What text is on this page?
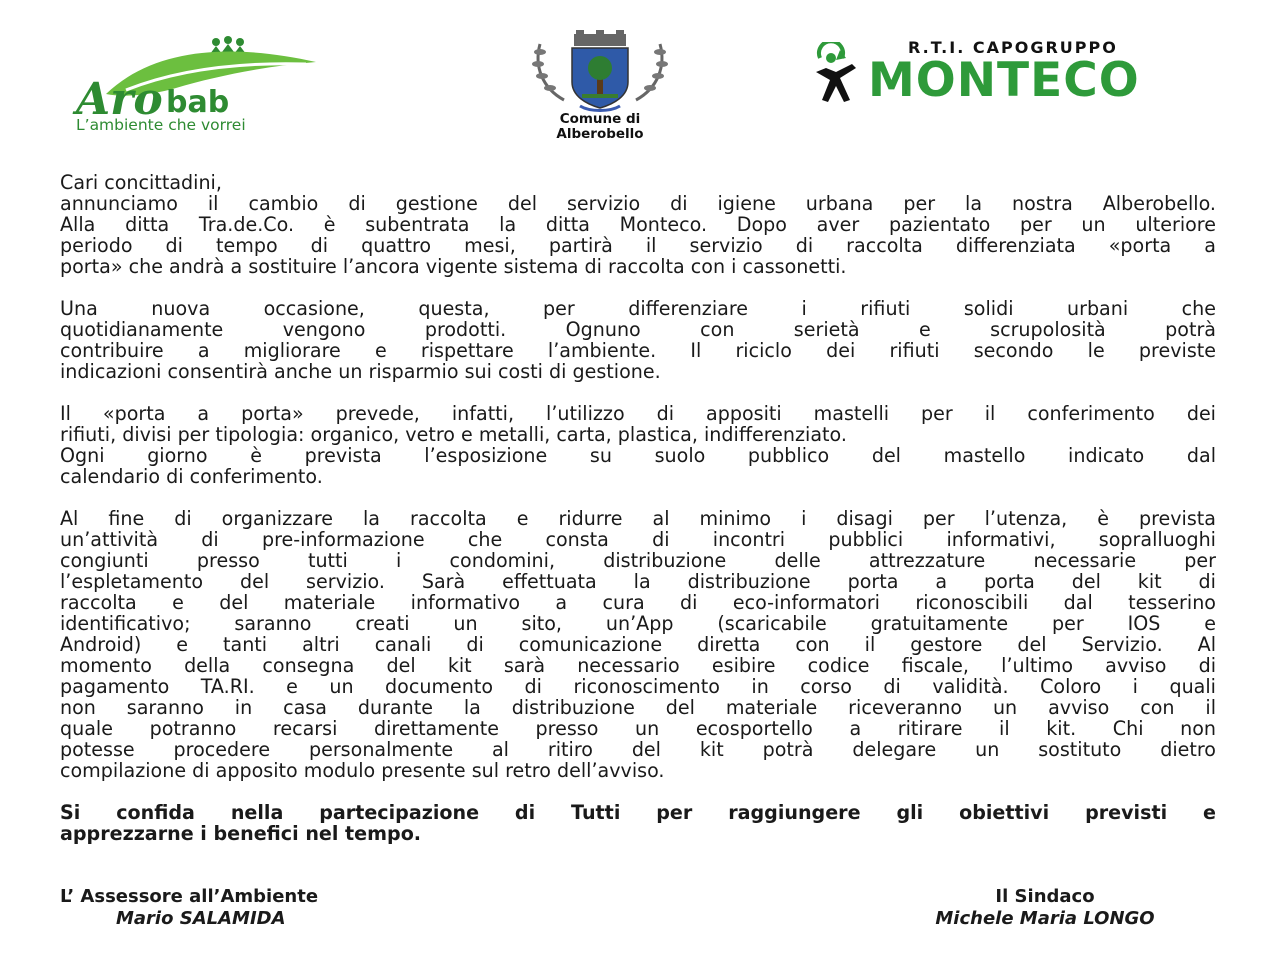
Aro bab
L’ambiente che vorrei	Comune di
Alberobello
R.T.I. CAPOGRUPPO
MONTECO

Cari concittadini,
annunciamo il cambio di gestione del servizio di igiene urbana per la nostra Alberobello.
Alla ditta Tra.de.Co. è subentrata la ditta Monteco. Dopo aver pazientato per un ulteriore
periodo di tempo di quattro mesi, partirà il servizio di raccolta differenziata «porta a
porta» che andrà a sostituire l’ancora vigente sistema di raccolta con i cassonetti.

Una nuova occasione, questa, per differenziare i rifiuti solidi urbani che
quotidianamente vengono prodotti. Ognuno con serietà e scrupolosità potrà
contribuire a migliorare e rispettare l’ambiente. Il riciclo dei rifiuti secondo le previste
indicazioni consentirà anche un risparmio sui costi di gestione.

Il «porta a porta» prevede, infatti, l’utilizzo di appositi mastelli per il conferimento dei
rifiuti, divisi per tipologia: organico, vetro e metalli, carta, plastica, indifferenziato.
Ogni giorno è prevista l’esposizione su suolo pubblico del mastello indicato dal
calendario di conferimento.

Al fine di organizzare la raccolta e ridurre al minimo i disagi per l’utenza, è prevista
un’attività di pre-informazione che consta di incontri pubblici informativi, sopralluoghi
congiunti presso tutti i condomini, distribuzione delle attrezzature necessarie per
l’espletamento del servizio. Sarà effettuata la distribuzione porta a porta del kit di
raccolta e del materiale informativo a cura di eco-informatori riconoscibili dal tesserino
identificativo; saranno creati un sito, un’App (scaricabile gratuitamente per IOS e
Android) e tanti altri canali di comunicazione diretta con il gestore del Servizio. Al
momento della consegna del kit sarà necessario esibire codice fiscale, l’ultimo avviso di
pagamento TA.RI. e un documento di riconoscimento in corso di validità. Coloro i quali
non saranno in casa durante la distribuzione del materiale riceveranno un avviso con il
quale potranno recarsi direttamente presso un ecosportello a ritirare il kit. Chi non
potesse procedere personalmente al ritiro del kit potrà delegare un sostituto dietro
compilazione di apposito modulo presente sul retro dell’avviso.

Si confida nella partecipazione di Tutti per raggiungere gli obiettivi previsti e
apprezzarne i benefici nel tempo.

L’ Assessore all’Ambiente
Mario SALAMIDA
Il Sindaco
Michele Maria LONGO
